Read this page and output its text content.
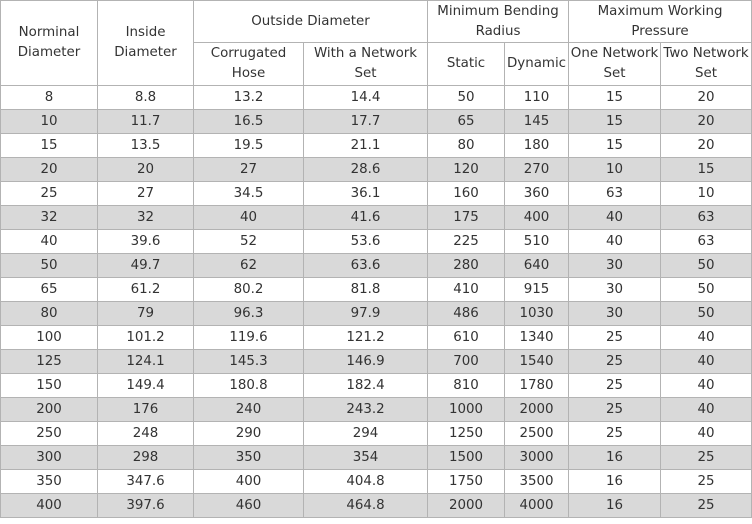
Norminal Diameter	Inside Diameter	Outside Diameter		Minimum Bending Radius		Maximum Working Pressure	
		Corrugated Hose	With a Network Set	Static	Dynamic	One Network Set	Two Network Set
8	8.8	13.2	14.4	50	110	15	20
10	11.7	16.5	17.7	65	145	15	20
15	13.5	19.5	21.1	80	180	15	20
20	20	27	28.6	120	270	10	15
25	27	34.5	36.1	160	360	63	10
32	32	40	41.6	175	400	40	63
40	39.6	52	53.6	225	510	40	63
50	49.7	62	63.6	280	640	30	50
65	61.2	80.2	81.8	410	915	30	50
80	79	96.3	97.9	486	1030	30	50
100	101.2	119.6	121.2	610	1340	25	40
125	124.1	145.3	146.9	700	1540	25	40
150	149.4	180.8	182.4	810	1780	25	40
200	176	240	243.2	1000	2000	25	40
250	248	290	294	1250	2500	25	40
300	298	350	354	1500	3000	16	25
350	347.6	400	404.8	1750	3500	16	25
400	397.6	460	464.8	2000	4000	16	25
